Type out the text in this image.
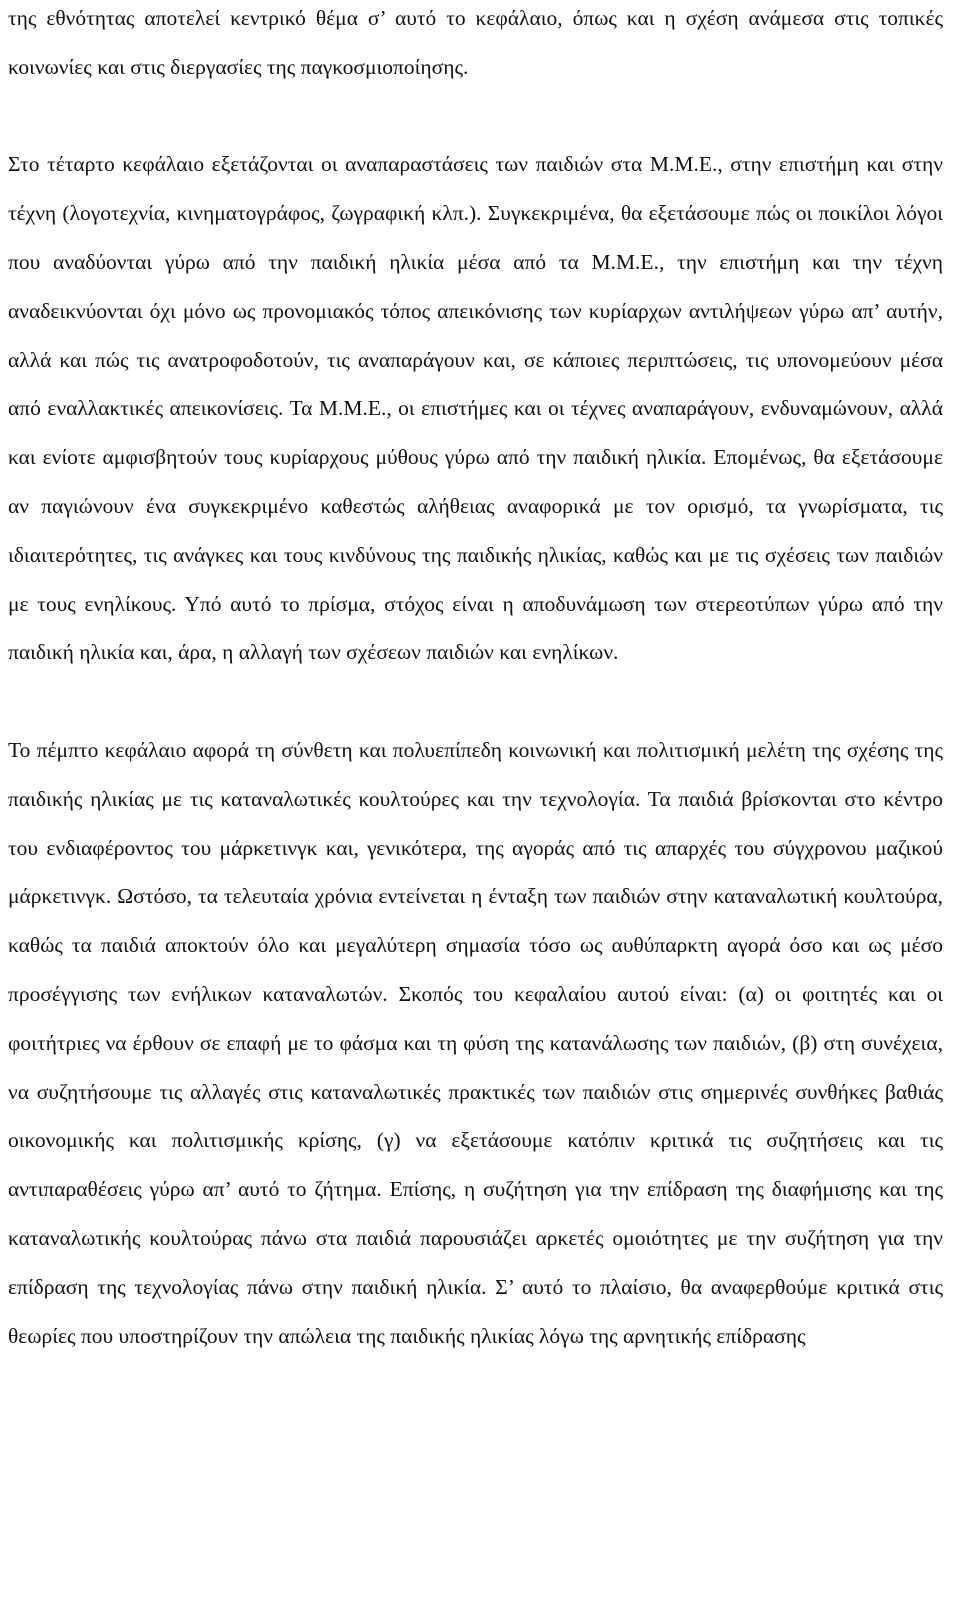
της εθνότητας αποτελεί κεντρικό θέμα σ’ αυτό το κεφάλαιο, όπως και η σχέση ανάμεσα στις τοπικές κοινωνίες και στις διεργασίες της παγκοσμιοποίησης.

Στο τέταρτο κεφάλαιο εξετάζονται οι αναπαραστάσεις των παιδιών στα Μ.Μ.Ε., στην επιστήμη και στην τέχνη (λογοτεχνία, κινηματογράφος, ζωγραφική κλπ.). Συγκεκριμένα, θα εξετάσουμε πώς οι ποικίλοι λόγοι που αναδύονται γύρω από την παιδική ηλικία μέσα από τα Μ.Μ.Ε., την επιστήμη και την τέχνη αναδεικνύονται όχι μόνο ως προνομιακός τόπος απεικόνισης των κυρίαρχων αντιλήψεων γύρω απ’ αυτήν, αλλά και πώς τις ανατροφοδοτούν, τις αναπαράγουν και, σε κάποιες περιπτώσεις, τις υπονομεύουν μέσα από εναλλακτικές απεικονίσεις. Τα Μ.Μ.Ε., οι επιστήμες και οι τέχνες αναπαράγουν, ενδυναμώνουν, αλλά και ενίοτε αμφισβητούν τους κυρίαρχους μύθους γύρω από την παιδική ηλικία. Επομένως, θα εξετάσουμε αν παγιώνουν ένα συγκεκριμένο καθεστώς αλήθειας αναφορικά με τον ορισμό, τα γνωρίσματα, τις ιδιαιτερότητες, τις ανάγκες και τους κινδύνους της παιδικής ηλικίας, καθώς και με τις σχέσεις των παιδιών με τους ενηλίκους. Υπό αυτό το πρίσμα, στόχος είναι η αποδυνάμωση των στερεοτύπων γύρω από την παιδική ηλικία και, άρα, η αλλαγή των σχέσεων παιδιών και ενηλίκων.

Το πέμπτο κεφάλαιο αφορά τη σύνθετη και πολυεπίπεδη κοινωνική και πολιτισμική μελέτη της σχέσης της παιδικής ηλικίας με τις καταναλωτικές κουλτούρες και την τεχνολογία. Τα παιδιά βρίσκονται στο κέντρο του ενδιαφέροντος του μάρκετινγκ και, γενικότερα, της αγοράς από τις απαρχές του σύγχρονου μαζικού μάρκετινγκ. Ωστόσο, τα τελευταία χρόνια εντείνεται η ένταξη των παιδιών στην καταναλωτική κουλτούρα, καθώς τα παιδιά αποκτούν όλο και μεγαλύτερη σημασία τόσο ως αυθύπαρκτη αγορά όσο και ως μέσο προσέγγισης των ενήλικων καταναλωτών. Σκοπός του κεφαλαίου αυτού είναι: (α) οι φοιτητές και οι φοιτήτριες να έρθουν σε επαφή με το φάσμα και τη φύση της κατανάλωσης των παιδιών, (β) στη συνέχεια, να συζητήσουμε τις αλλαγές στις καταναλωτικές πρακτικές των παιδιών στις σημερινές συνθήκες βαθιάς οικονομικής και πολιτισμικής κρίσης, (γ) να εξετάσουμε κατόπιν κριτικά τις συζητήσεις και τις αντιπαραθέσεις γύρω απ’ αυτό το ζήτημα. Επίσης, η συζήτηση για την επίδραση της διαφήμισης και της καταναλωτικής κουλτούρας πάνω στα παιδιά παρουσιάζει αρκετές ομοιότητες με την συζήτηση για την επίδραση της τεχνολογίας πάνω στην παιδική ηλικία. Σ’ αυτό το πλαίσιο, θα αναφερθούμε κριτικά στις θεωρίες που υποστηρίζουν την απώλεια της παιδικής ηλικίας λόγω της αρνητικής επίδρασης
